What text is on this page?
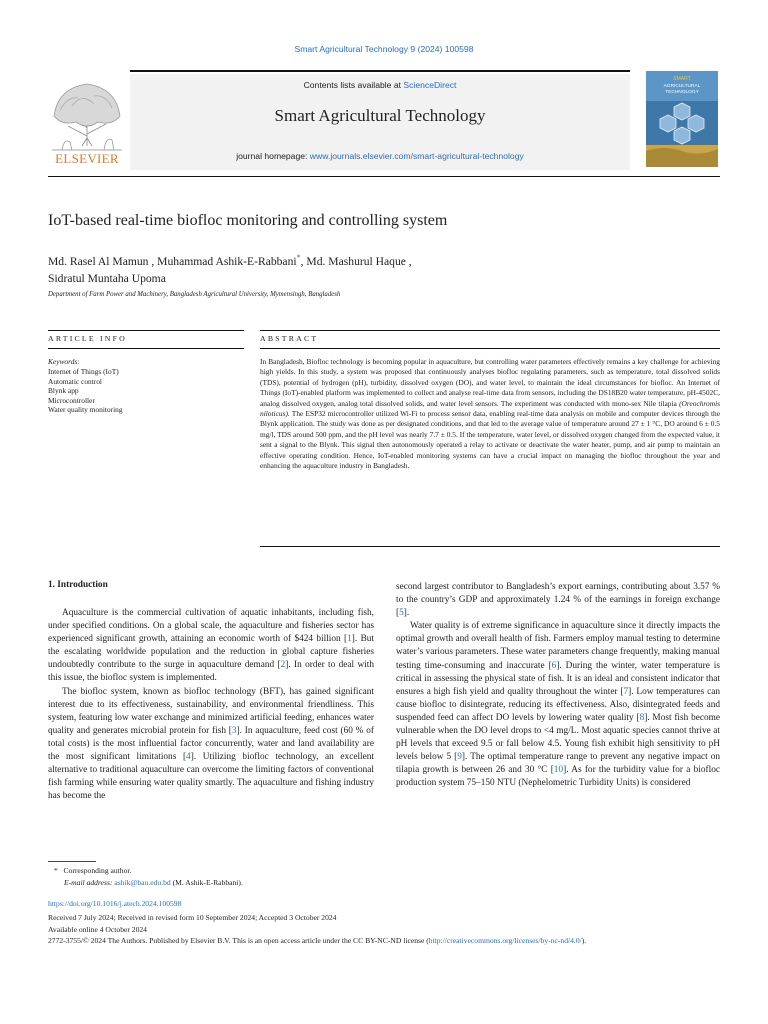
Smart Agricultural Technology 9 (2024) 100598
Contents lists available at ScienceDirect
Smart Agricultural Technology
journal homepage: www.journals.elsevier.com/smart-agricultural-technology
ELSEVIER
SMART
AGRICULTURAL
TECHNOLOGY
IoT-based real-time biofloc monitoring and controlling system
Md. Rasel Al Mamun , Muhammad Ashik-E-Rabbani*, Md. Mashurul Haque ,
Sidratul Muntaha Upoma
Department of Farm Power and Machinery, Bangladesh Agricultural University, Mymensingh, Bangladesh
ARTICLE INFO	ABSTRACT
Keywords:
Internet of Things (IoT)
Automatic control
Blynk app
Microcontroller
Water quality monitoring
In Bangladesh, Biofloc technology is becoming popular in aquaculture, but controlling water parameters effectively remains a key challenge for achieving high yields. In this study, a system was proposed that continuously analyses biofloc regulating parameters, such as temperature, total dissolved solids (TDS), potential of hydrogen (pH), turbidity, dissolved oxygen (DO), and water level, to maintain the ideal circumstances for biofloc. An Internet of Things (IoT)-enabled platform was implemented to collect and analyse real-time data from sensors, including the DS18B20 water temperature, pH-4502C, analog dissolved oxygen, analog total dissolved solids, and water level sensors. The experiment was conducted with mono-sex Nile tilapia (Oreochromis niloticus). The ESP32 microcontroller utilized Wi-Fi to process sensor data, enabling real-time data analysis on mobile and computer devices through the Blynk application. The study was done as per designated conditions, and that led to the average value of temperature around 27 ± 1 °C, DO around 6 ± 0.5 mg/l, TDS around 500 ppm, and the pH level was nearly 7.7 ± 0.5. If the temperature, water level, or dissolved oxygen changed from the expected value, it sent a signal to the Blynk. This signal then autonomously operated a relay to activate or deactivate the water heater, pump, and air pump to maintain an effective operating condition. Hence, IoT-enabled monitoring systems can have a crucial impact on managing the biofloc throughout the year and enhancing the aquaculture industry in Bangladesh.
1. Introduction

Aquaculture is the commercial cultivation of aquatic inhabitants, including fish, under specified conditions. On a global scale, the aquaculture and fisheries sector has experienced significant growth, attaining an economic worth of $424 billion [1]. But the escalating worldwide population and the reduction in global capture fisheries undoubtedly contribute to the surge in aquaculture demand [2]. In order to deal with this issue, the biofloc system is implemented.

The biofloc system, known as biofloc technology (BFT), has gained significant interest due to its effectiveness, sustainability, and environmental friendliness. This system, featuring low water exchange and minimized artificial feeding, enhances water quality and generates microbial protein for fish [3]. In aquaculture, feed cost (60 % of total costs) is the most influential factor concurrently, water and land availability are the most significant limitations [4]. Utilizing biofloc technology, an excellent alternative to traditional aquaculture can overcome the limiting factors of conventional fish farming while ensuring water quality smartly. The aquaculture and fishing industry has become the

second largest contributor to Bangladesh’s export earnings, contributing about 3.57 % to the country’s GDP and approximately 1.24 % of the earnings in foreign exchange [5].

Water quality is of extreme significance in aquaculture since it directly impacts the optimal growth and overall health of fish. Farmers employ manual testing to determine water’s various parameters. These water parameters change frequently, making manual testing time-consuming and inaccurate [6]. During the winter, water temperature is critical in assessing the physical state of fish. It is an ideal and consistent indicator that ensures a high fish yield and quality throughout the winter [7]. Low temperatures can cause biofloc to disintegrate, reducing its effectiveness. Also, disintegrated feeds and suspended feed can affect DO levels by lowering water quality [8]. Most fish become vulnerable when the DO level drops to <4 mg/L. Most aquatic species cannot thrive at pH levels that exceed 9.5 or fall below 4.5. Young fish exhibit high sensitivity to pH levels below 5 [9]. The optimal temperature range to prevent any negative impact on tilapia growth is between 26 and 30 °C [10]. As for the turbidity value for a biofloc production system 75–150 NTU (Nephelometric Turbidity Units) is considered

* Corresponding author.
E-mail address: ashik@bau.edu.bd (M. Ashik-E-Rabbani).
https://doi.org/10.1016/j.atech.2024.100598
Received 7 July 2024; Received in revised form 10 September 2024; Accepted 3 October 2024
Available online 4 October 2024
2772-3755/© 2024 The Authors. Published by Elsevier B.V. This is an open access article under the CC BY-NC-ND license (http://creativecommons.org/licenses/by-nc-nd/4.0/).
